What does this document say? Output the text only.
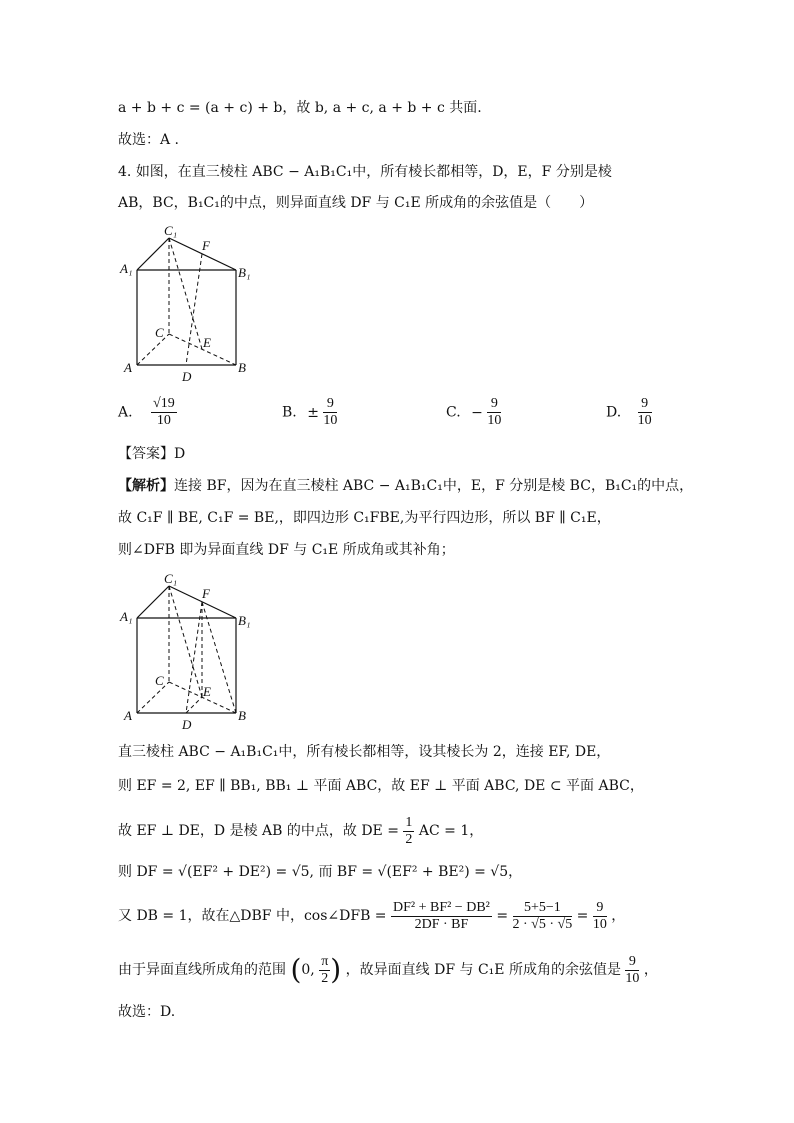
a + b + c = (a + c) + b，故 b, a + c, a + b + c 共面.
故选：A .
4. 如图，在直三棱柱 ABC − A₁B₁C₁中，所有棱长都相等，D，E，F 分别是棱
AB，BC，B₁C₁的中点，则异面直线 DF 与 C₁E 所成角的余弦值是（　　）
C₁
F
A₁	B₁
C
E
A
D
B
A. $\frac{√19}{10}$	B. ± $\frac{9}{10}$	C. − $\frac{9}{10}$	D. $\frac{9}{10}$
【答案】D
【解析】连接 BF，因为在直三棱柱 ABC − A₁B₁C₁中，E，F 分别是棱 BC，B₁C₁的中点，
故 C₁F ∥ BE, C₁F = BE,，即四边形 C₁FBE,为平行四边形，所以 BF ∥ C₁E，
则∠DFB 即为异面直线 DF 与 C₁E 所成角或其补角；
C₁
F
A₁	B₁
C
E
A
D
B
直三棱柱 ABC − A₁B₁C₁中，所有棱长都相等，设其棱长为 2，连接 EF, DE，
则 EF = 2, EF ∥ BB₁, BB₁ ⊥ 平面 ABC，故 EF ⊥ 平面 ABC, DE ⊂ 平面 ABC，
故 EF ⊥ DE，D 是棱 AB 的中点，故 DE = $\frac{1}{2}$ AC = 1，
则 DF = √(EF² + DE²) = √5, 而 BF = √(EF² + BE²) = √5，
又 DB = 1，故在△DBF 中，cos∠DFB = $\frac{\text{DF² + BF² − DB²}}{2DF \cdot BF} = \frac{5+5-1}{2 \cdot √5 \cdot √5} = \frac{9}{10}$ ，
由于异面直线所成角的范围 (0, $\frac{\pi}{2}$ ) ，故异面直线 DF 与 C₁E 所成角的余弦值是 $\frac{9}{10}$ ，
故选：D.
